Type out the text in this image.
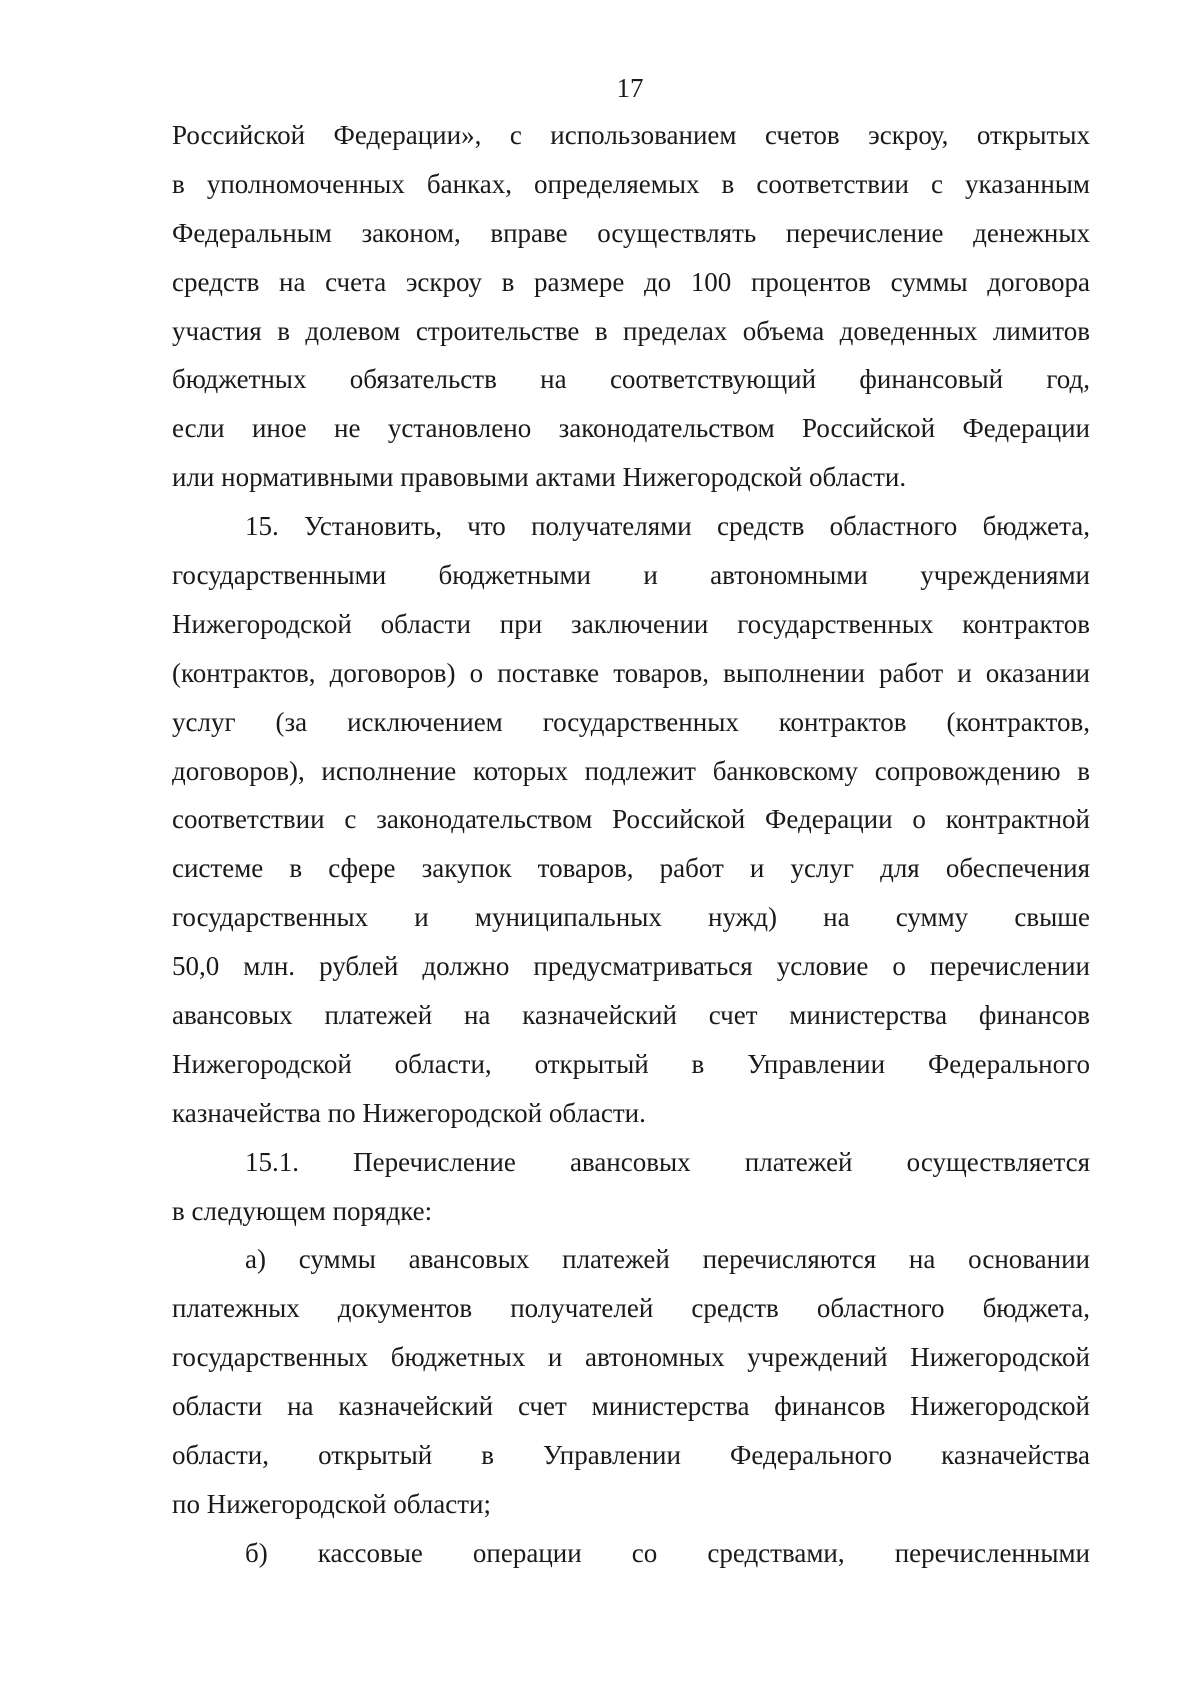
17
Российской Федерации», с использованием счетов эскроу, открытых
в уполномоченных банках, определяемых в соответствии с указанным
Федеральным законом, вправе осуществлять перечисление денежных
средств на счета эскроу в размере до 100 процентов суммы договора
участия в долевом строительстве в пределах объема доведенных лимитов
бюджетных обязательств на соответствующий финансовый год,
если иное не установлено законодательством Российской Федерации
или нормативными правовыми актами Нижегородской области.
15. Установить, что получателями средств областного бюджета,
государственными бюджетными и автономными учреждениями
Нижегородской области при заключении государственных контрактов
(контрактов, договоров) о поставке товаров, выполнении работ и оказании
услуг (за исключением государственных контрактов (контрактов,
договоров), исполнение которых подлежит банковскому сопровождению в
соответствии с законодательством Российской Федерации о контрактной
системе в сфере закупок товаров, работ и услуг для обеспечения
государственных и муниципальных нужд) на сумму свыше
50,0 млн. рублей должно предусматриваться условие о перечислении
авансовых платежей на казначейский счет министерства финансов
Нижегородской области, открытый в Управлении Федерального
казначейства по Нижегородской области.
15.1. Перечисление авансовых платежей осуществляется
в следующем порядке:
а) суммы авансовых платежей перечисляются на основании
платежных документов получателей средств областного бюджета,
государственных бюджетных и автономных учреждений Нижегородской
области на казначейский счет министерства финансов Нижегородской
области, открытый в Управлении Федерального казначейства
по Нижегородской области;
б) кассовые операции со средствами, перечисленными
